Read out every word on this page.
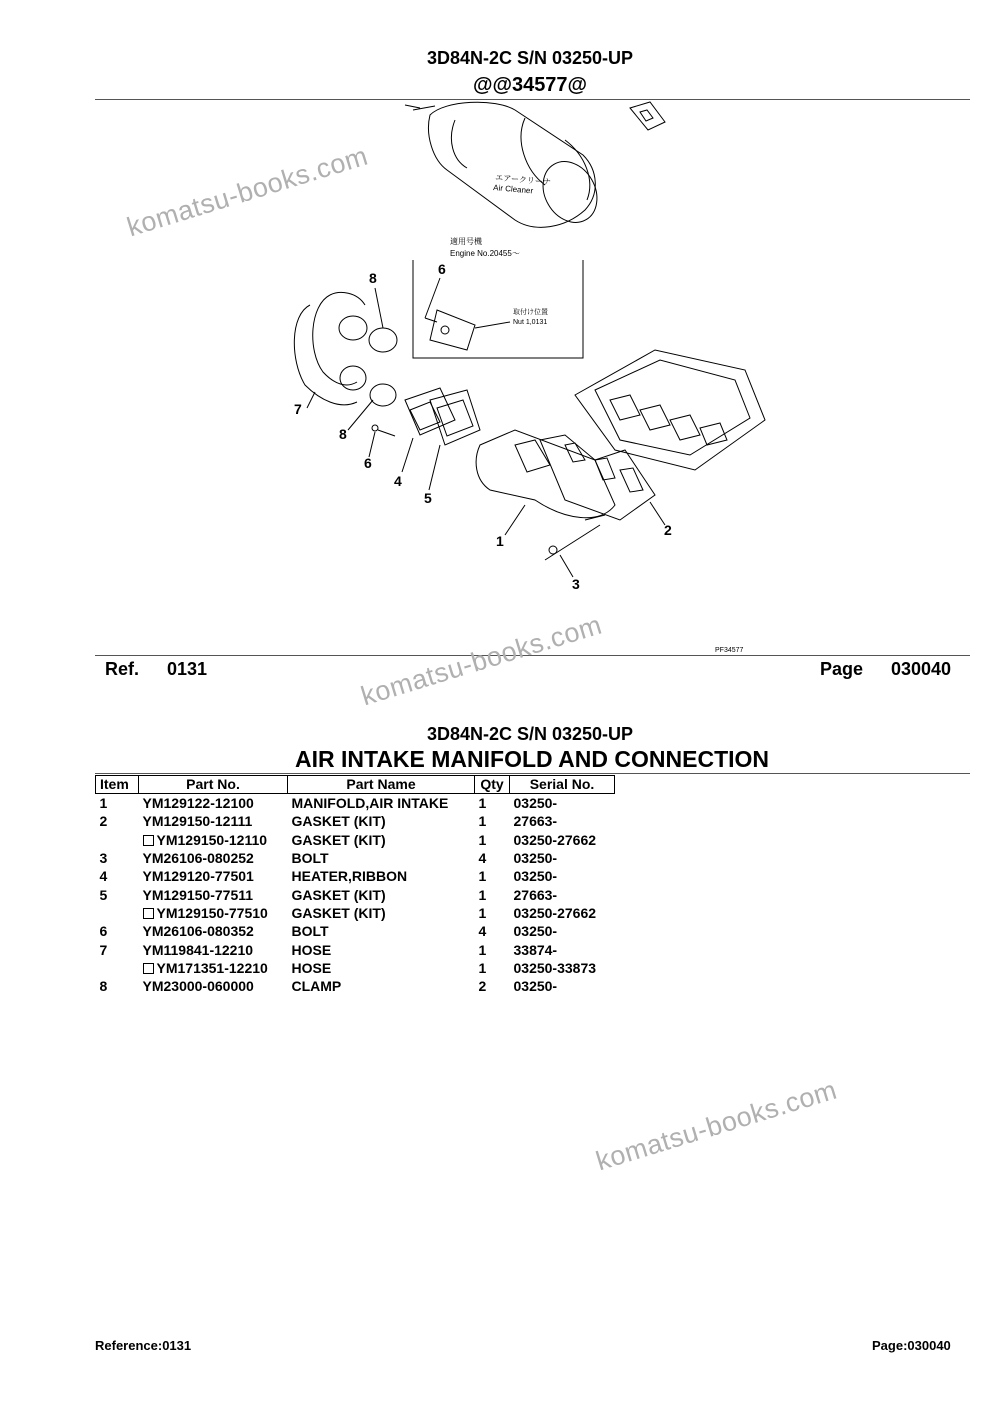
3D84N-2C S/N 03250-UP
@@34577@
エアークリーナ
Air Cleaner
適用号機
Engine No.20455～
取付け位置
Nut 1,0131
PF34577
8
6
7
8
6
4
5
1
2
3
Ref. 0131	Page 030040
3D84N-2C S/N 03250-UP
AIR INTAKE MANIFOLD AND CONNECTION
Item	Part No.	Part Name	Qty	Serial No.
1	YM129122-12100	MANIFOLD,AIR INTAKE	1	03250-
2	YM129150-12111	GASKET (KIT)	1	27663-
	YM129150-12110	GASKET (KIT)	1	03250-27662
3	YM26106-080252	BOLT	4	03250-
4	YM129120-77501	HEATER,RIBBON	1	03250-
5	YM129150-77511	GASKET (KIT)	1	27663-
	YM129150-77510	GASKET (KIT)	1	03250-27662
6	YM26106-080352	BOLT	4	03250-
7	YM119841-12210	HOSE	1	33874-
	YM171351-12210	HOSE	1	03250-33873
8	YM23000-060000	CLAMP	2	03250-
komatsu-books.com
komatsu-books.com
komatsu-books.com
Reference:0131	Page:030040
